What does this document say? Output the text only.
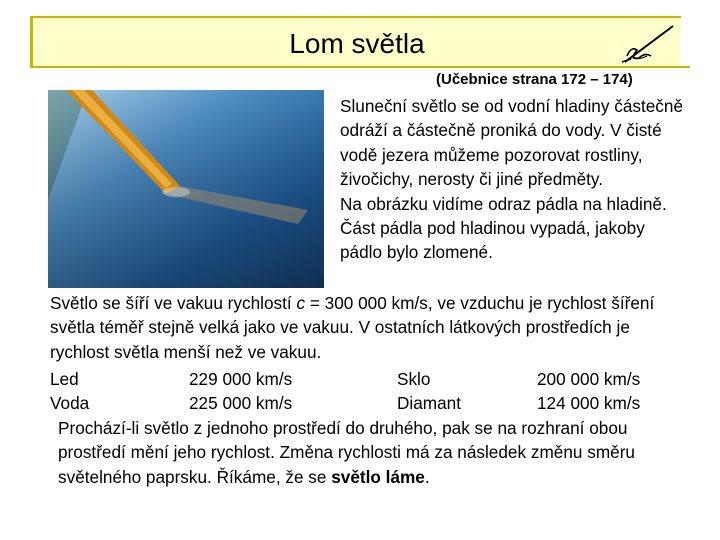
Lom světla
(Učebnice strana 172 – 174)

Sluneční světlo se od vodní hladiny částečně odráží a částečně proniká do vody. V čisté vodě jezera můžeme pozorovat rostliny, živočichy, nerosty či jiné předměty.

Na obrázku vidíme odraz pádla na hladině. Část pádla pod hladinou vypadá, jakoby pádlo bylo zlomené.

Světlo se šíří ve vakuu rychlostí c = 300 000 km/s, ve vzduchu je rychlost šíření světla téměř stejně velká jako ve vakuu. V ostatních látkových prostředích je rychlost světla menší než ve vakuu.
Led	229 000 km/s	Sklo	200 000 km/s
Voda	225 000 km/s	Diamant	124 000 km/s
Prochází-li světlo z jednoho prostředí do druhého, pak se na rozhraní obou prostředí mění jeho rychlost. Změna rychlosti má za následek změnu směru světelného paprsku. Říkáme, že se světlo láme.
